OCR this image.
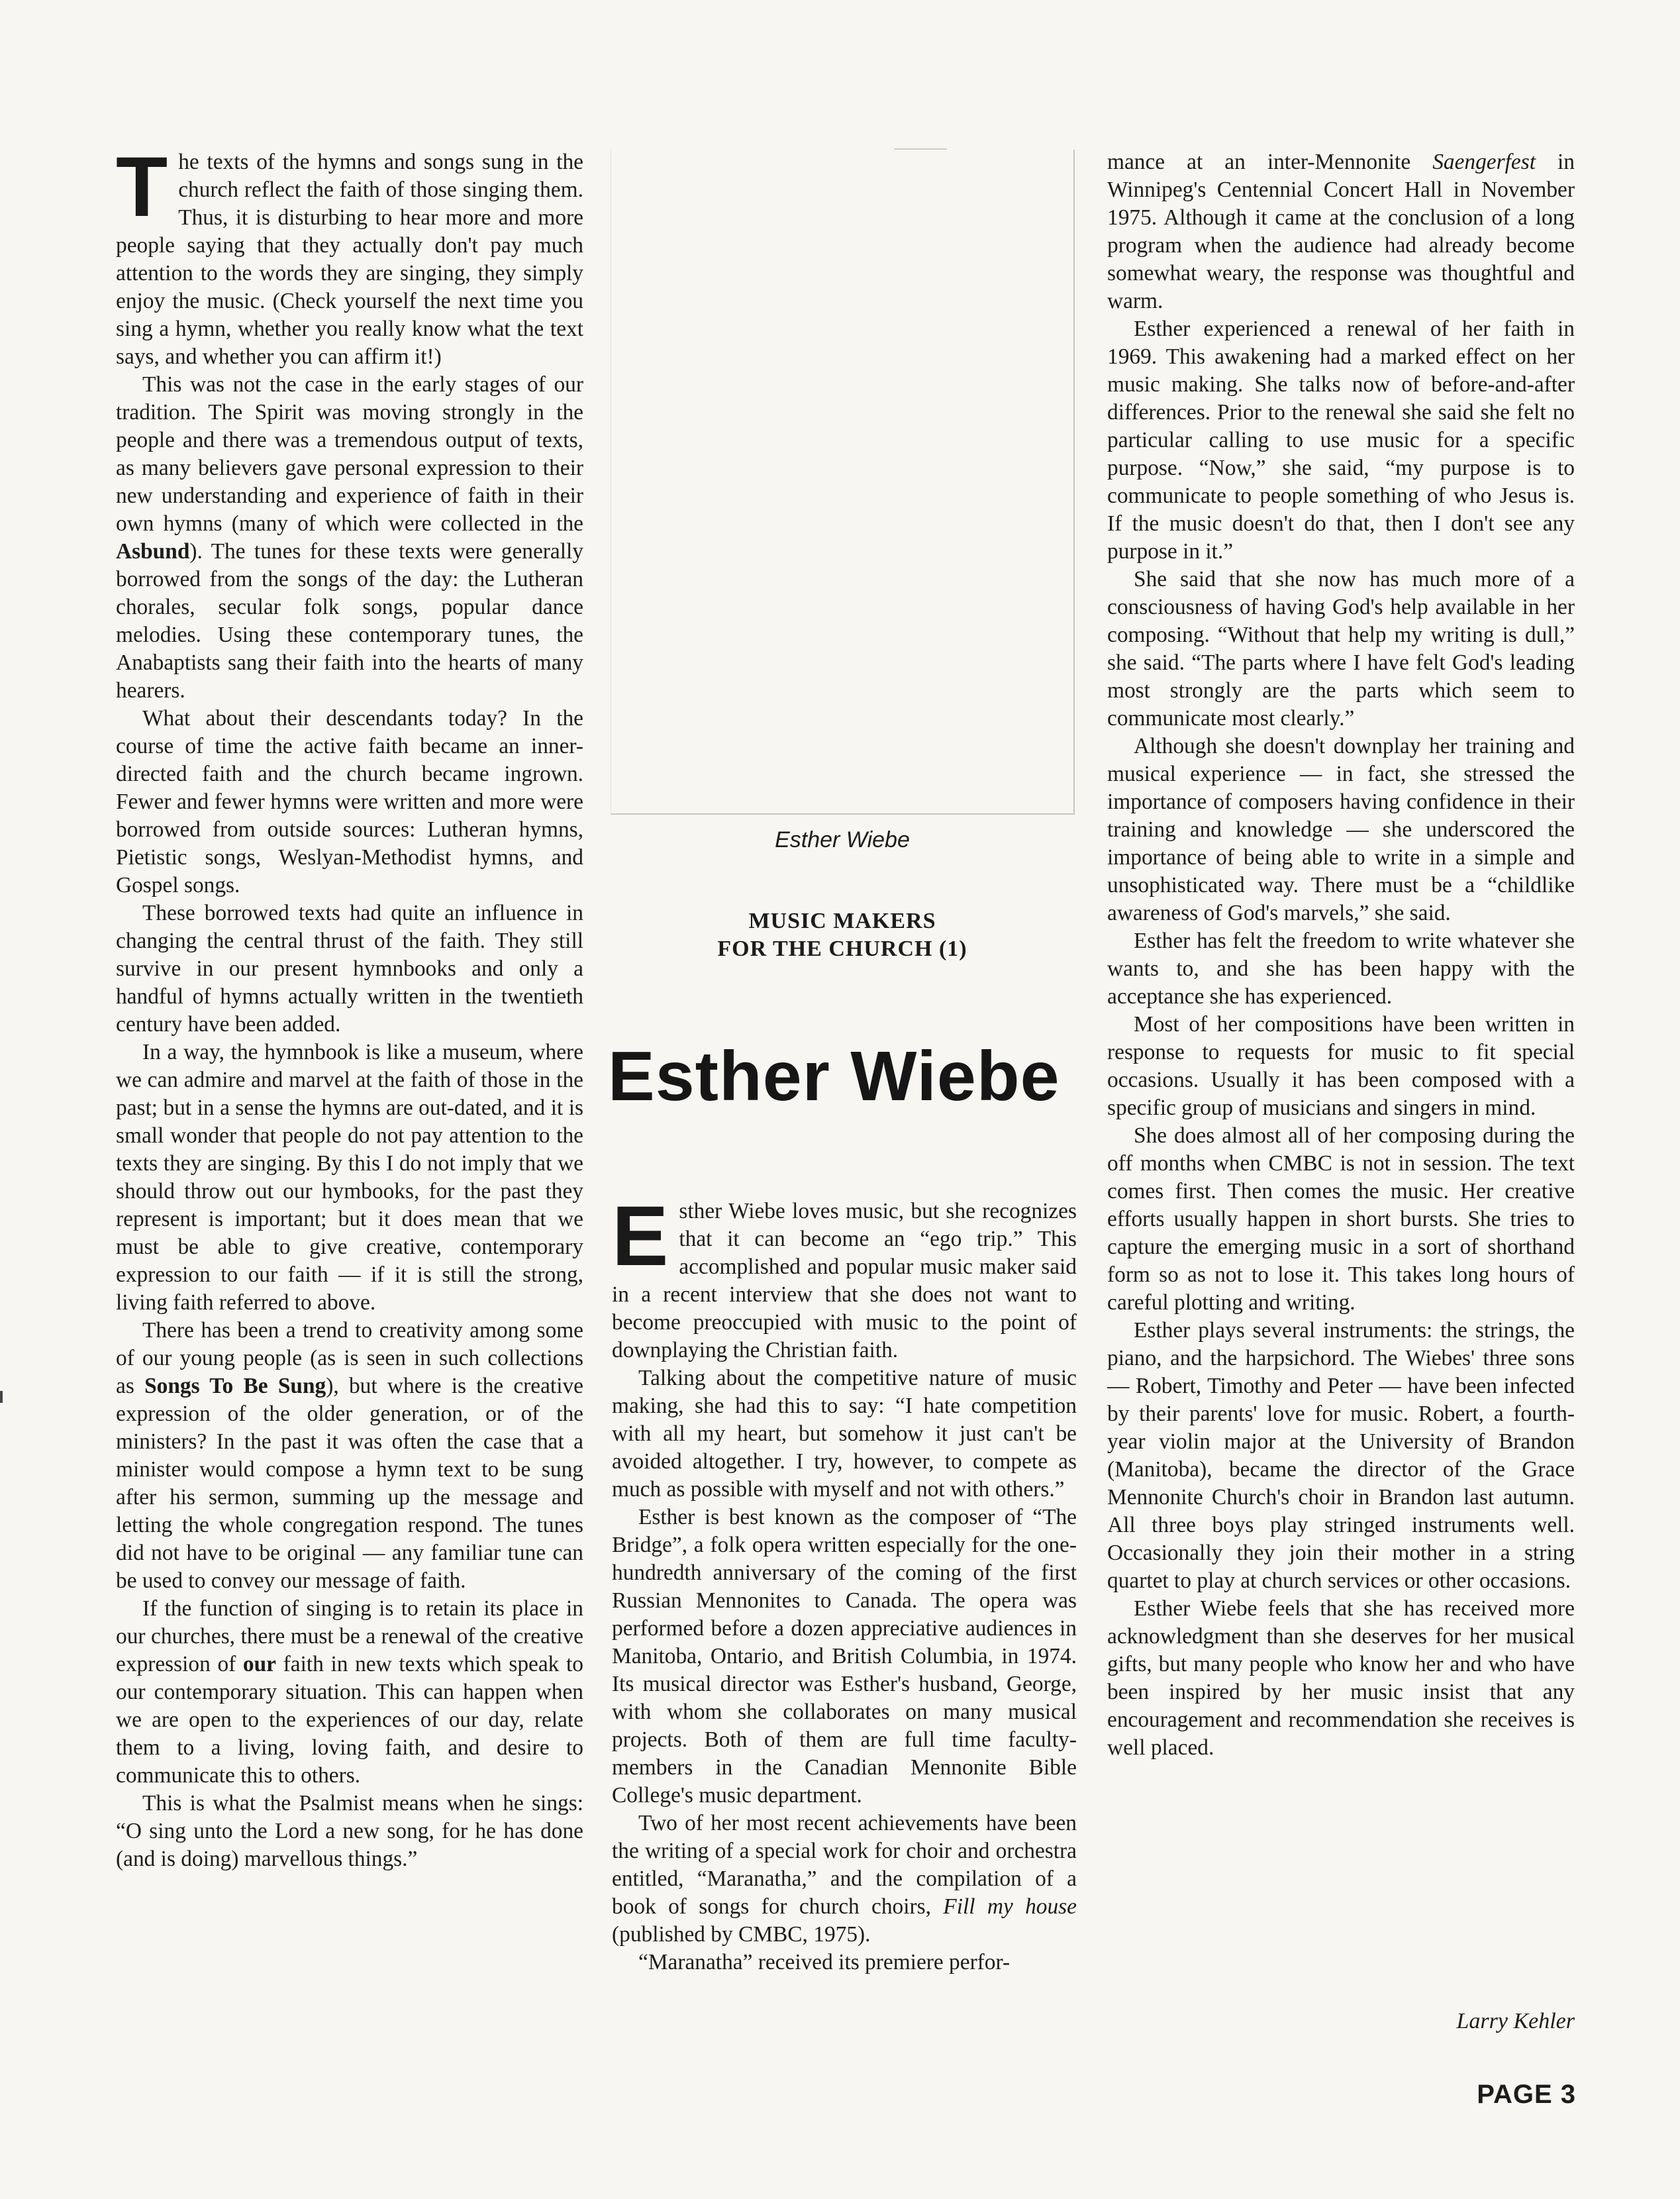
The texts of the hymns and songs sung in the church reflect the faith of those singing them. Thus, it is disturbing to hear more and more people saying that they actually don't pay much attention to the words they are singing, they simply enjoy the music. (Check yourself the next time you sing a hymn, whether you really know what the text says, and whether you can affirm it!)

This was not the case in the early stages of our tradition. The Spirit was moving strongly in the people and there was a tremendous output of texts, as many believers gave personal expression to their new understanding and experience of faith in their own hymns (many of which were collected in the Asbund). The tunes for these texts were generally borrowed from the songs of the day: the Lutheran chorales, secular folk songs, popular dance melodies. Using these contemporary tunes, the Anabaptists sang their faith into the hearts of many hearers.

What about their descendants today? In the course of time the active faith became an inner-directed faith and the church became ingrown. Fewer and fewer hymns were written and more were borrowed from outside sources: Lutheran hymns, Pietistic songs, Weslyan-Methodist hymns, and Gospel songs.

These borrowed texts had quite an influence in changing the central thrust of the faith. They still survive in our present hymnbooks and only a handful of hymns actually written in the twentieth century have been added.

In a way, the hymnbook is like a museum, where we can admire and marvel at the faith of those in the past; but in a sense the hymns are out-dated, and it is small wonder that people do not pay attention to the texts they are singing. By this I do not imply that we should throw out our hymbooks, for the past they represent is important; but it does mean that we must be able to give creative, contemporary expression to our faith — if it is still the strong, living faith referred to above.

There has been a trend to creativity among some of our young people (as is seen in such collections as Songs To Be Sung), but where is the creative expression of the older generation, or of the ministers? In the past it was often the case that a minister would compose a hymn text to be sung after his sermon, summing up the message and letting the whole congregation respond. The tunes did not have to be original — any familiar tune can be used to convey our message of faith.

If the function of singing is to retain its place in our churches, there must be a renewal of the creative expression of our faith in new texts which speak to our contemporary situation. This can happen when we are open to the experiences of our day, relate them to a living, loving faith, and desire to communicate this to others.

This is what the Psalmist means when he sings: “O sing unto the Lord a new song, for he has done (and is doing) marvellous things.”

Esther Wiebe
MUSIC MAKERS
FOR THE CHURCH (1)
Esther Wiebe

Esther Wiebe loves music, but she recognizes that it can become an “ego trip.” This accomplished and popular music maker said in a recent interview that she does not want to become preoccupied with music to the point of downplaying the Christian faith.

Talking about the competitive nature of music making, she had this to say: “I hate competition with all my heart, but somehow it just can't be avoided altogether. I try, however, to compete as much as possible with myself and not with others.”

Esther is best known as the composer of “The Bridge”, a folk opera written especially for the one-hundredth anniversary of the coming of the first Russian Mennonites to Canada. The opera was performed before a dozen appreciative audiences in Manitoba, Ontario, and British Columbia, in 1974. Its musical director was Esther's husband, George, with whom she collaborates on many musical projects. Both of them are full time faculty-members in the Canadian Mennonite Bible College's music department.

Two of her most recent achievements have been the writing of a special work for choir and orchestra entitled, “Maranatha,” and the compilation of a book of songs for church choirs, Fill my house (published by CMBC, 1975).

“Maranatha” received its premiere perfor-

mance at an inter-Mennonite Saengerfest in Winnipeg's Centennial Concert Hall in November 1975. Although it came at the conclusion of a long program when the audience had already become somewhat weary, the response was thoughtful and warm.

Esther experienced a renewal of her faith in 1969. This awakening had a marked effect on her music making. She talks now of before-and-after differences. Prior to the renewal she said she felt no particular calling to use music for a specific purpose. “Now,” she said, “my purpose is to communicate to people something of who Jesus is. If the music doesn't do that, then I don't see any purpose in it.”

She said that she now has much more of a consciousness of having God's help available in her composing. “Without that help my writing is dull,” she said. “The parts where I have felt God's leading most strongly are the parts which seem to communicate most clearly.”

Although she doesn't downplay her training and musical experience — in fact, she stressed the importance of composers having confidence in their training and knowledge — she underscored the importance of being able to write in a simple and unsophisticated way. There must be a “childlike awareness of God's marvels,” she said.

Esther has felt the freedom to write whatever she wants to, and she has been happy with the acceptance she has experienced.

Most of her compositions have been written in response to requests for music to fit special occasions. Usually it has been composed with a specific group of musicians and singers in mind.

She does almost all of her composing during the off months when CMBC is not in session. The text comes first. Then comes the music. Her creative efforts usually happen in short bursts. She tries to capture the emerging music in a sort of shorthand form so as not to lose it. This takes long hours of careful plotting and writing.

Esther plays several instruments: the strings, the piano, and the harpsichord. The Wiebes' three sons — Robert, Timothy and Peter — have been infected by their parents' love for music. Robert, a fourth-year violin major at the University of Brandon (Manitoba), became the director of the Grace Mennonite Church's choir in Brandon last autumn. All three boys play stringed instruments well. Occasionally they join their mother in a string quartet to play at church services or other occasions.

Esther Wiebe feels that she has received more acknowledgment than she deserves for her musical gifts, but many people who know her and who have been inspired by her music insist that any encouragement and recommendation she receives is well placed.

Larry Kehler
PAGE 3
